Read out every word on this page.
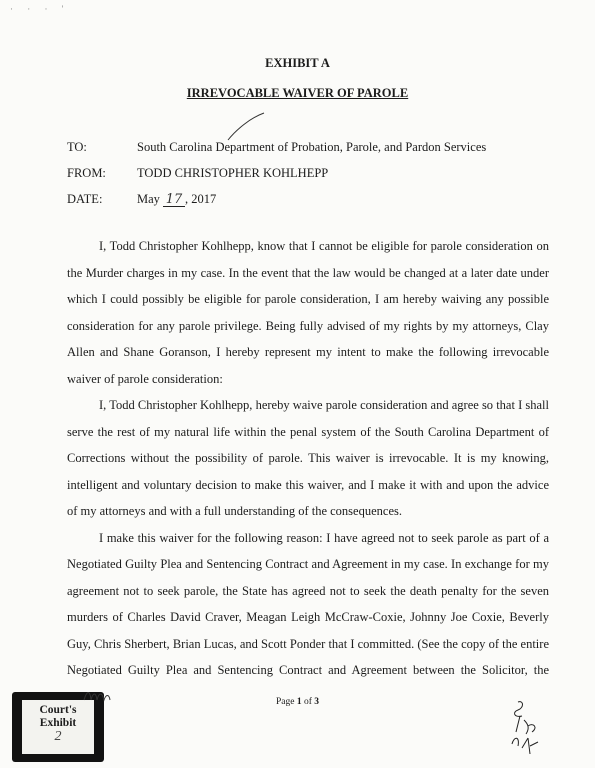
· · · '
EXHIBIT A
IRREVOCABLE WAIVER OF PAROLE
TO:	South Carolina Department of Probation, Parole, and Pardon Services
FROM: TODD CHRISTOPHER KOHLHEPP
DATE:	May 17 , 2017

I, Todd Christopher Kohlhepp, know that I cannot be eligible for parole consideration on the Murder charges in my case. In the event that the law would be changed at a later date under which I could possibly be eligible for parole consideration, I am hereby waiving any possible consideration for any parole privilege. Being fully advised of my rights by my attorneys, Clay Allen and Shane Goranson, I hereby represent my intent to make the following irrevocable waiver of parole consideration:

I, Todd Christopher Kohlhepp, hereby waive parole consideration and agree so that I shall serve the rest of my natural life within the penal system of the South Carolina Department of Corrections without the possibility of parole. This waiver is irrevocable. It is my knowing, intelligent and voluntary decision to make this waiver, and I make it with and upon the advice of my attorneys and with a full understanding of the consequences.

I make this waiver for the following reason: I have agreed not to seek parole as part of a Negotiated Guilty Plea and Sentencing Contract and Agreement in my case. In exchange for my agreement not to seek parole, the State has agreed not to seek the death penalty for the seven murders of Charles David Craver, Meagan Leigh McCraw-Coxie, Johnny Joe Coxie, Beverly Guy, Chris Sherbert, Brian Lucas, and Scott Ponder that I committed. (See the copy of the entire Negotiated Guilty Plea and Sentencing Contract and Agreement between the Solicitor, the

Page 1 of 3
Court's
Exhibit
2
